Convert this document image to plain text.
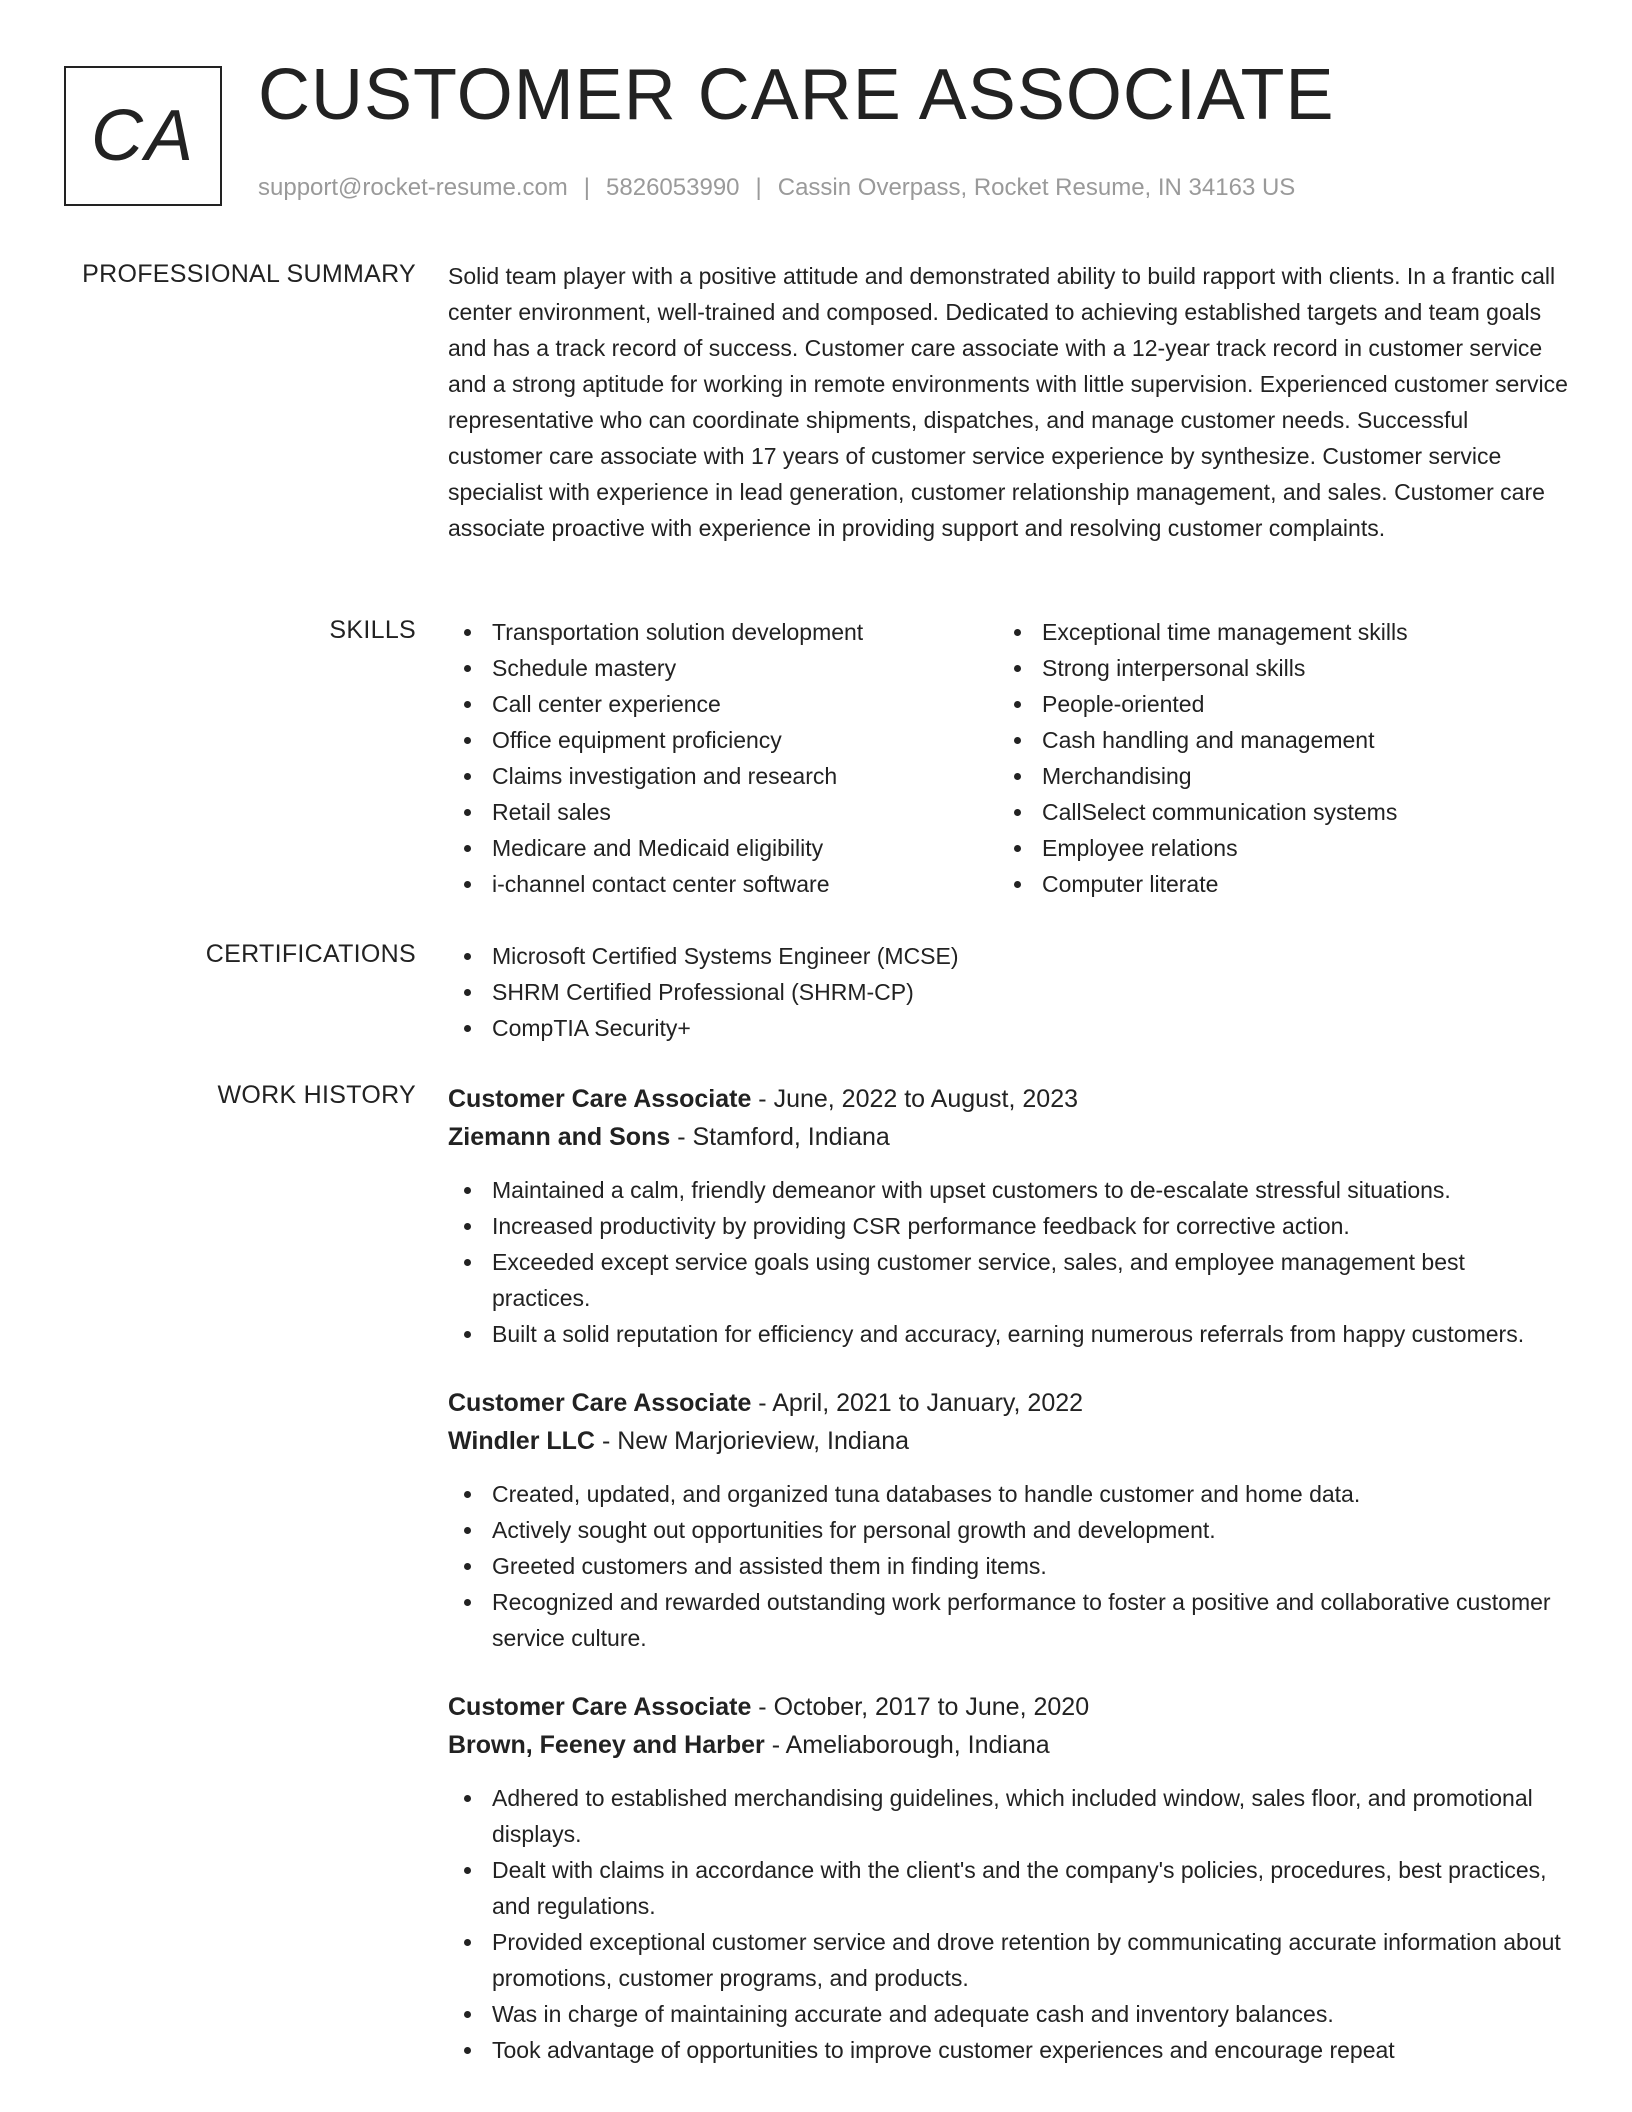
CA
CUSTOMER CARE ASSOCIATE
support@rocket-resume.com | 5826053990 | Cassin Overpass, Rocket Resume, IN 34163 US
PROFESSIONAL SUMMARY Solid team player with a positive attitude and demonstrated ability to build rapport with clients. In a frantic call center environment, well-trained and composed. Dedicated to achieving established targets and team goals and has a track record of success. Customer care associate with a 12-year track record in customer service and a strong aptitude for working in remote environments with little supervision. Experienced customer service representative who can coordinate shipments, dispatches, and manage customer needs. Successful customer care associate with 17 years of customer service experience by synthesize. Customer service specialist with experience in lead generation, customer relationship management, and sales. Customer care associate proactive with experience in providing support and resolving customer complaints.

SKILLS	Transportation solution development
Schedule mastery
Call center experience
Office equipment proficiency
Claims investigation and research
Retail sales
Medicare and Medicaid eligibility
i-channel contact center software
Exceptional time management skills
Strong interpersonal skills
People-oriented
Cash handling and management
Merchandising
CallSelect communication systems
Employee relations
Computer literate
CERTIFICATIONS	Microsoft Certified Systems Engineer (MCSE)
SHRM Certified Professional (SHRM-CP)
CompTIA Security+
WORK HISTORY Customer Care Associate - June, 2022 to August, 2023
Ziemann and Sons - Stamford, Indiana
Maintained a calm, friendly demeanor with upset customers to de-escalate stressful situations.
Increased productivity by providing CSR performance feedback for corrective action.
Exceeded except service goals using customer service, sales, and employee management best practices.
Built a solid reputation for efficiency and accuracy, earning numerous referrals from happy customers.
Customer Care Associate - April, 2021 to January, 2022
Windler LLC - New Marjorieview, Indiana
Created, updated, and organized tuna databases to handle customer and home data.
Actively sought out opportunities for personal growth and development.
Greeted customers and assisted them in finding items.
Recognized and rewarded outstanding work performance to foster a positive and collaborative customer service culture.
Customer Care Associate - October, 2017 to June, 2020
Brown, Feeney and Harber - Ameliaborough, Indiana
Adhered to established merchandising guidelines, which included window, sales floor, and promotional displays.
Dealt with claims in accordance with the client's and the company's policies, procedures, best practices, and regulations.
Provided exceptional customer service and drove retention by communicating accurate information about promotions, customer programs, and products.
Was in charge of maintaining accurate and adequate cash and inventory balances.
Took advantage of opportunities to improve customer experiences and encourage repeat
